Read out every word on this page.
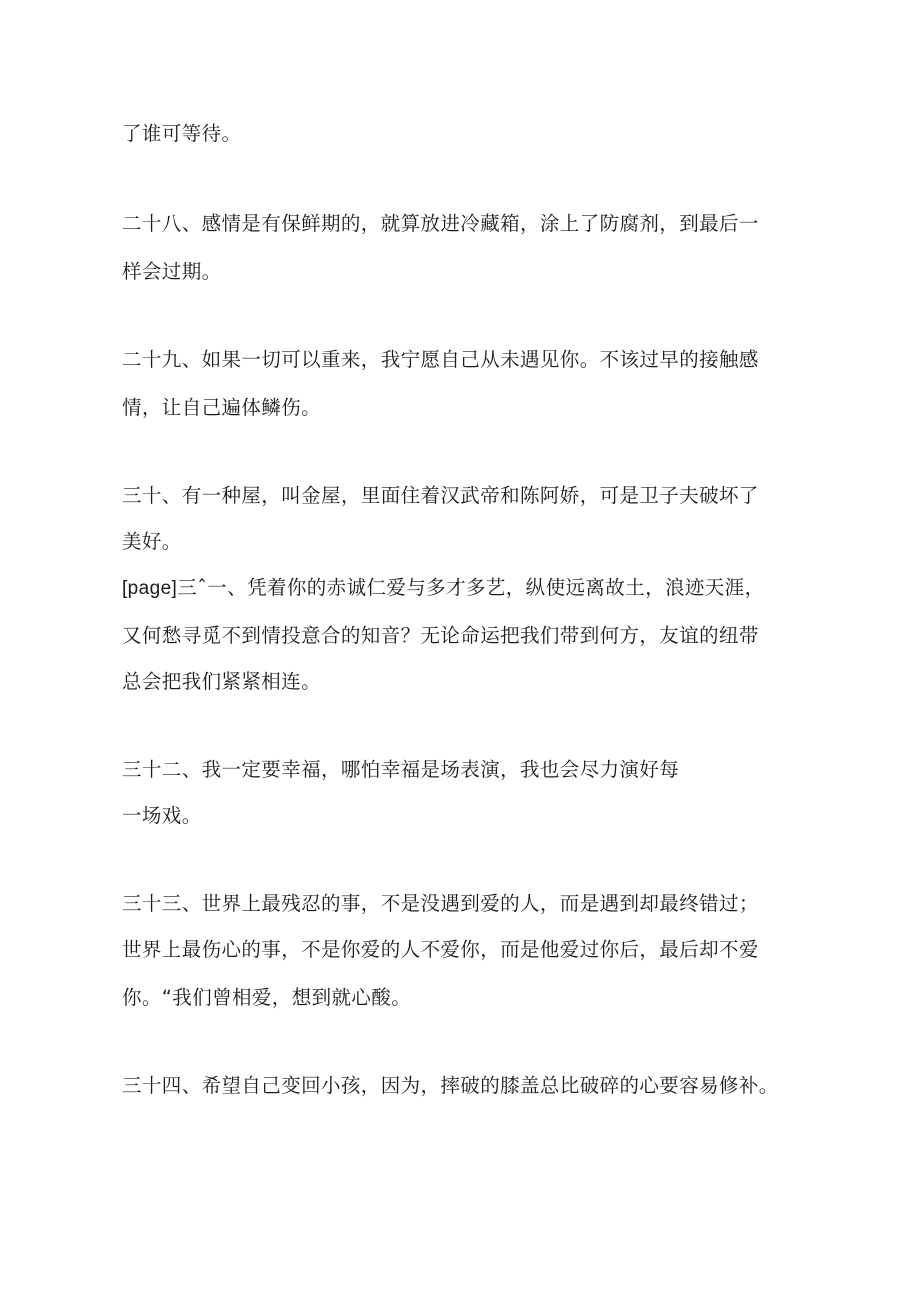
了谁可等待。
二十八、感情是有保鲜期的，就算放进冷藏箱，涂上了防腐剂，到最后一
样会过期。
二十九、如果一切可以重来，我宁愿自己从未遇见你。不该过早的接触感
情，让自己遍体鳞伤。
三十、有一种屋，叫金屋，里面住着汉武帝和陈阿娇，可是卫子夫破坏了
美好。
[page]三ˆ一、凭着你的赤诚仁爱与多才多艺，纵使远离故土，浪迹天涯，
又何愁寻觅不到情投意合的知音？无论命运把我们带到何方，友谊的纽带
总会把我们紧紧相连。
三十二、我一定要幸福，哪怕幸福是场表演，我也会尽力演好每
一场戏。
三十三、世界上最残忍的事，不是没遇到爱的人，而是遇到却最终错过；
世界上最伤心的事，不是你爱的人不爱你，而是他爱过你后，最后却不爱
你。“我们曾相爱，想到就心酸。
三十四、希望自己变回小孩，因为，摔破的膝盖总比破碎的心要容易修补。
